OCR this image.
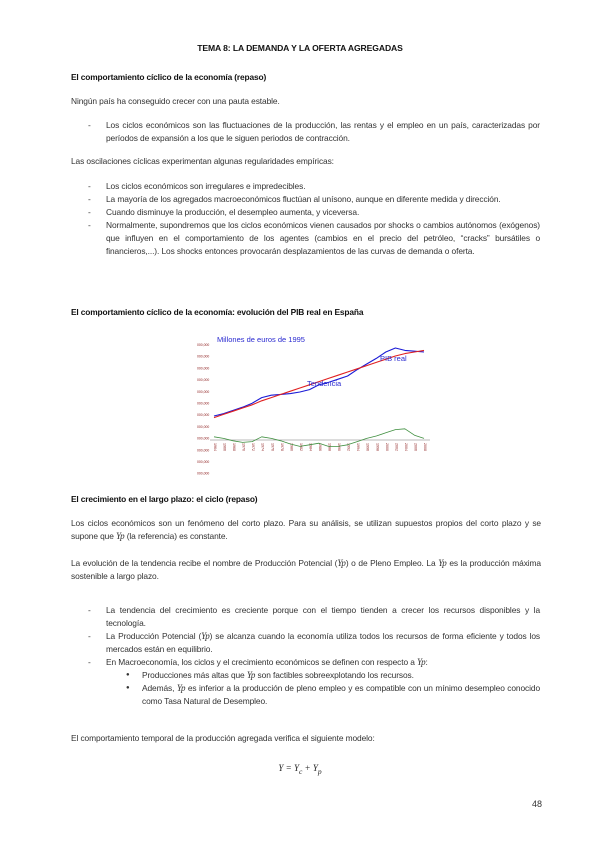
TEMA 8: LA DEMANDA Y LA OFERTA AGREGADAS
El comportamiento cíclico de la economía (repaso)
Ningún país ha conseguido crecer con una pauta estable.
- Los ciclos económicos son las fluctuaciones de la producción, las rentas y el empleo en un país, caracterizadas por períodos de expansión a los que le siguen periodos de contracción.
Las oscilaciones cíclicas experimentan algunas regularidades empíricas:
- Los ciclos económicos son irregulares e impredecibles.
- La mayoría de los agregados macroeconómicos fluctúan al unísono, aunque en diferente medida y dirección.
- Cuando disminuye la producción, el desempleo aumenta, y viceversa.
- Normalmente, supondremos que los ciclos económicos vienen causados por shocks o cambios autónomos (exógenos) que influyen en el comportamiento de los agentes (cambios en el precio del petróleo, “cracks” bursátiles o financieros,...). Los shocks entonces provocarán desplazamientos de las curvas de demanda o oferta.
El comportamiento cíclico de la economía: evolución del PIB real en España
000,000
000,000
000,000
000,000
000,000
000,000
000,000
000,000
000,000
000,000
000,000
000,000
1964 1966 1968 1970 1972 1974 1976 1978 1980 1982 1984 1986 1988 1990 1992 1994 1996 1998 2000 2002 2004 2006 2008
Millones de euros de 1995
PIB real
Tendencia
El crecimiento en el largo plazo: el ciclo (repaso)
Los ciclos económicos son un fenómeno del corto plazo. Para su análisis, se utilizan supuestos propios del corto plazo y se supone que Yp (la referencia) es constante.
La evolución de la tendencia recibe el nombre de Producción Potencial (Yp) o de Pleno Empleo. La Yp es la producción máxima sostenible a largo plazo.
- La tendencia del crecimiento es creciente porque con el tiempo tienden a crecer los recursos disponibles y la tecnología.
- La Producción Potencial (Yp) se alcanza cuando la economía utiliza todos los recursos de forma eficiente y todos los mercados están en equilibrio.
- En Macroeconomía, los ciclos y el crecimiento económicos se definen con respecto a Yp:
● Producciones más altas que Yp son factibles sobreexplotando los recursos.
● Además, Yp es inferior a la producción de pleno empleo y es compatible con un mínimo desempleo conocido como Tasa Natural de Desempleo.
El comportamiento temporal de la producción agregada verifica el siguiente modelo:
$Y = Y_c + Y_p$
48
